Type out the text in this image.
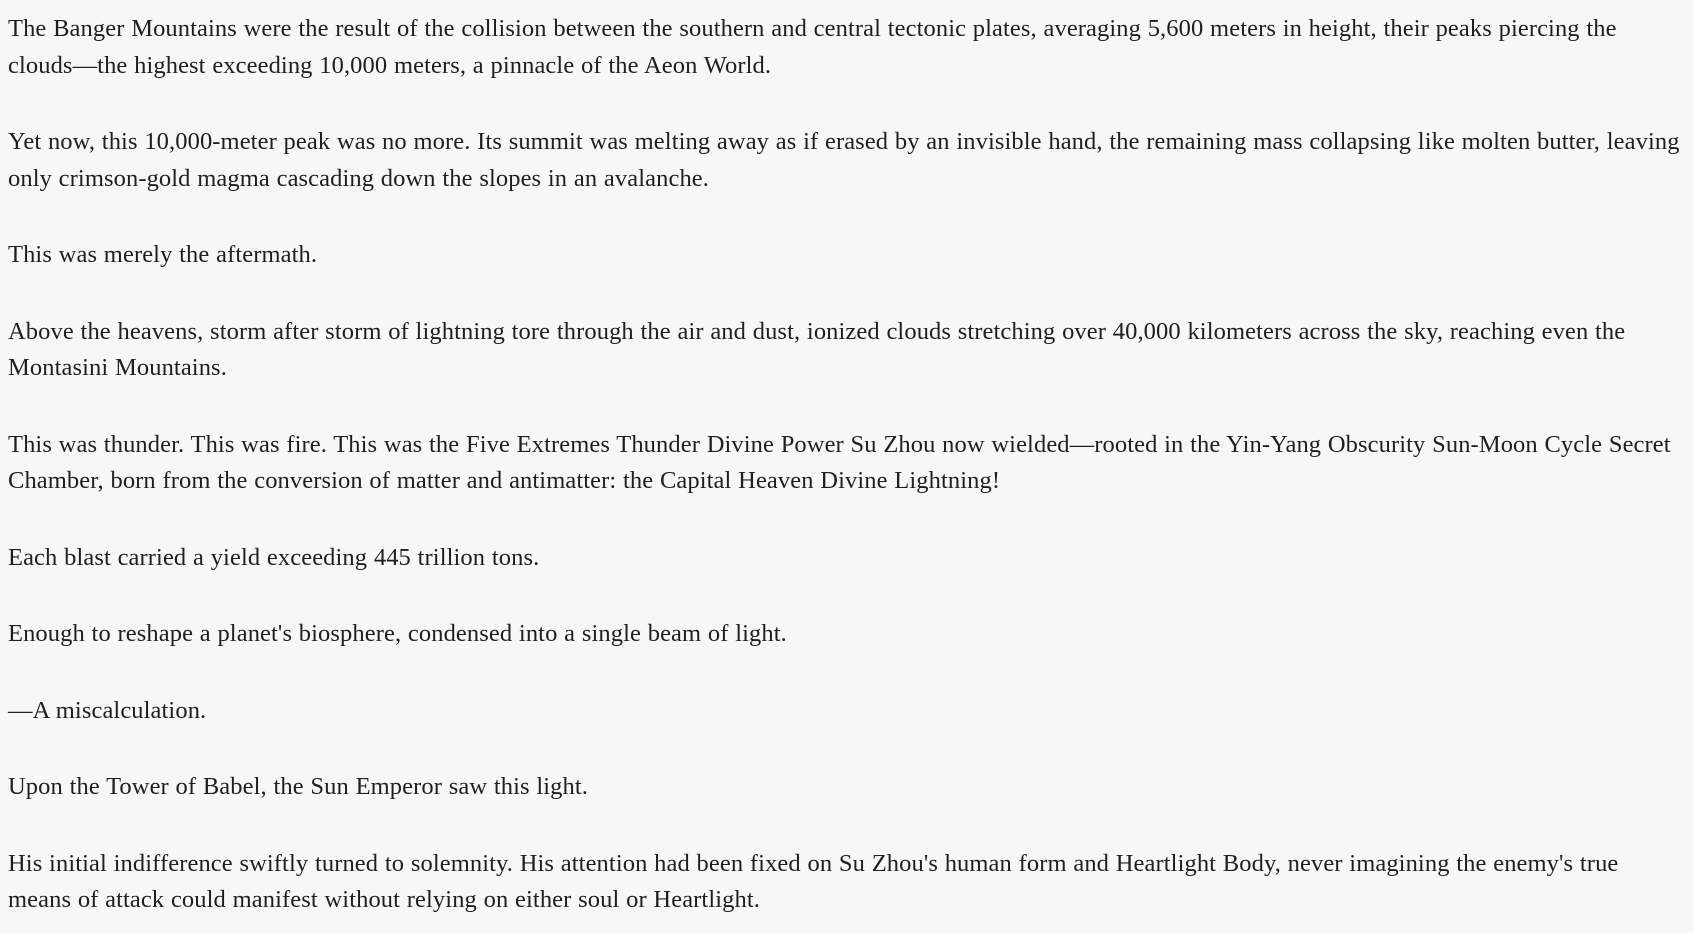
The Banger Mountains were the result of the collision between the southern and central tectonic plates, averaging 5,600 meters in height, their peaks piercing the clouds—the highest exceeding 10,000 meters, a pinnacle of the Aeon World.

Yet now, this 10,000-meter peak was no more. Its summit was melting away as if erased by an invisible hand, the remaining mass collapsing like molten butter, leaving only crimson-gold magma cascading down the slopes in an avalanche.

This was merely the aftermath.

Above the heavens, storm after storm of lightning tore through the air and dust, ionized clouds stretching over 40,000 kilometers across the sky, reaching even the Montasini Mountains.

This was thunder. This was fire. This was the Five Extremes Thunder Divine Power Su Zhou now wielded—rooted in the Yin-Yang Obscurity Sun-Moon Cycle Secret Chamber, born from the conversion of matter and antimatter: the Capital Heaven Divine Lightning!

Each blast carried a yield exceeding 445 trillion tons.

Enough to reshape a planet's biosphere, condensed into a single beam of light.

—A miscalculation.

Upon the Tower of Babel, the Sun Emperor saw this light.

His initial indifference swiftly turned to solemnity. His attention had been fixed on Su Zhou's human form and Heartlight Body, never imagining the enemy's true means of attack could manifest without relying on either soul or Heartlight.
